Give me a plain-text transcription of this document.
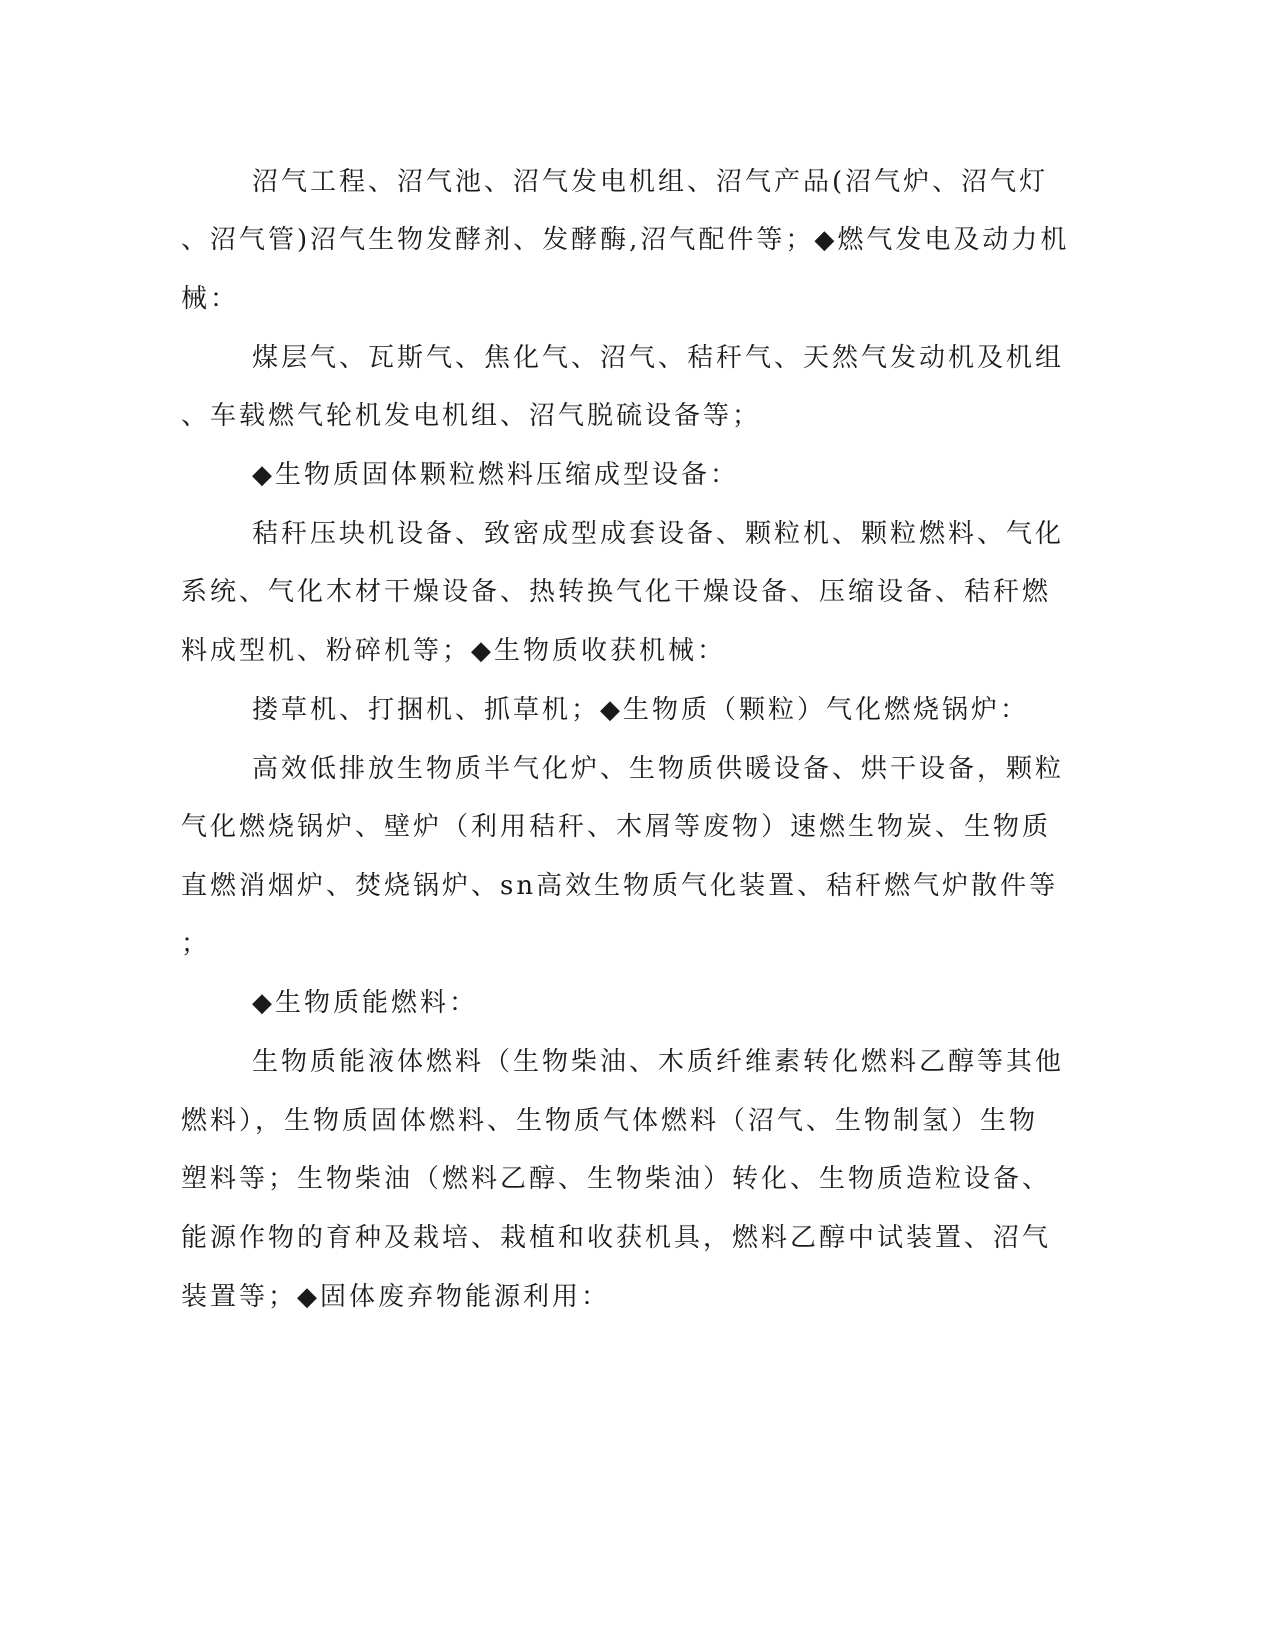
沼气工程、沼气池、沼气发电机组、沼气产品(沼气炉、沼气灯
、沼气管)沼气生物发酵剂、发酵酶,沼气配件等；◆燃气发电及动力机
械：
煤层气、瓦斯气、焦化气、沼气、秸秆气、天然气发动机及机组
、车载燃气轮机发电机组、沼气脱硫设备等；
◆生物质固体颗粒燃料压缩成型设备：
秸秆压块机设备、致密成型成套设备、颗粒机、颗粒燃料、气化
系统、气化木材干燥设备、热转换气化干燥设备、压缩设备、秸秆燃
料成型机、粉碎机等；◆生物质收获机械：
搂草机、打捆机、抓草机；◆生物质（颗粒）气化燃烧锅炉：
高效低排放生物质半气化炉、生物质供暖设备、烘干设备，颗粒
气化燃烧锅炉、壁炉（利用秸秆、木屑等废物）速燃生物炭、生物质
直燃消烟炉、焚烧锅炉、sn高效生物质气化装置、秸秆燃气炉散件等
；
◆生物质能燃料：
生物质能液体燃料（生物柴油、木质纤维素转化燃料乙醇等其他
燃料），生物质固体燃料、生物质气体燃料（沼气、生物制氢）生物
塑料等；生物柴油（燃料乙醇、生物柴油）转化、生物质造粒设备、
能源作物的育种及栽培、栽植和收获机具，燃料乙醇中试装置、沼气
装置等；◆固体废弃物能源利用：
